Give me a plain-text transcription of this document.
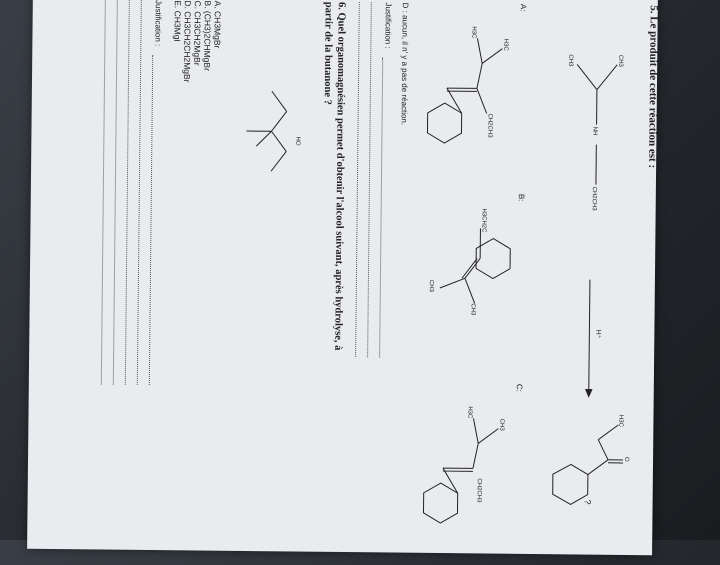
5. Le produit de cette réaction est :
CH3
CH3
NH
CH2CH3
H⁺
?
H3C
O
A:
B:
C:
H3C
H3C
CH2CH3
H3CH2C
CH3
CH3
CH3
H3C
CH2CH3
D : aucun, il n' y a pas de réaction.
Justification :
6. Quel organomagnésien permet d'obtenir l'alcool suivant, après hydrolyse, à partir de la butanone ?
HO
A. CH3MgBr
B. (CH3)2CHMgBr
C. CH3CH2MgBr
D. CH3CH2CH2MgBr
E. CH3MgI
Justification :
